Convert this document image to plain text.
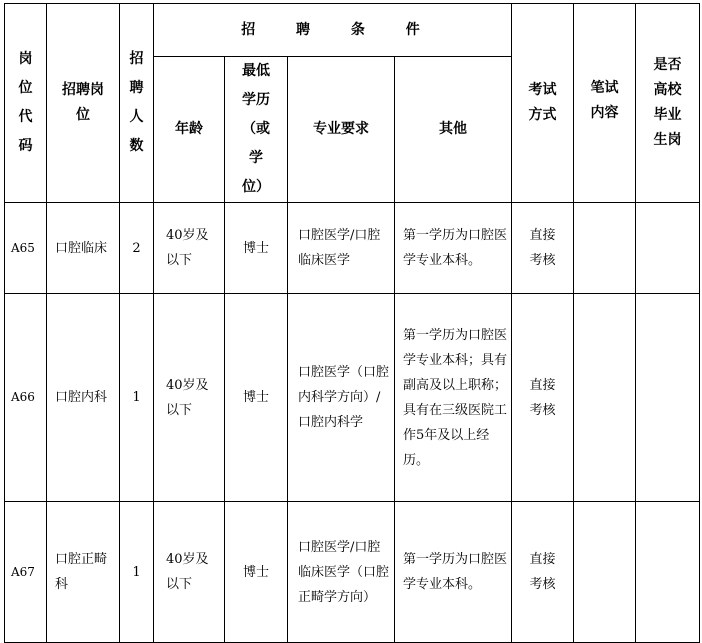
岗位代码	招聘岗位	招聘人数	招 聘 条 件				考试方式	笔试内容	是否高校毕业生岗
			年龄	最低学历（或学位）	专业要求	其他			
A65	口腔临床	2	40岁及以下	博士	口腔医学/口腔临床医学	第一学历为口腔医学专业本科。	直接考核		
A66	口腔内科	1	40岁及以下	博士	口腔医学（口腔内科学方向）/口腔内科学	第一学历为口腔医学专业本科；具有副高及以上职称；具有在三级医院工作5年及以上经历。	直接考核		
A67	口腔正畸科	1	40岁及以下	博士	口腔医学/口腔临床医学（口腔正畸学方向）	第一学历为口腔医学专业本科。	直接考核		
